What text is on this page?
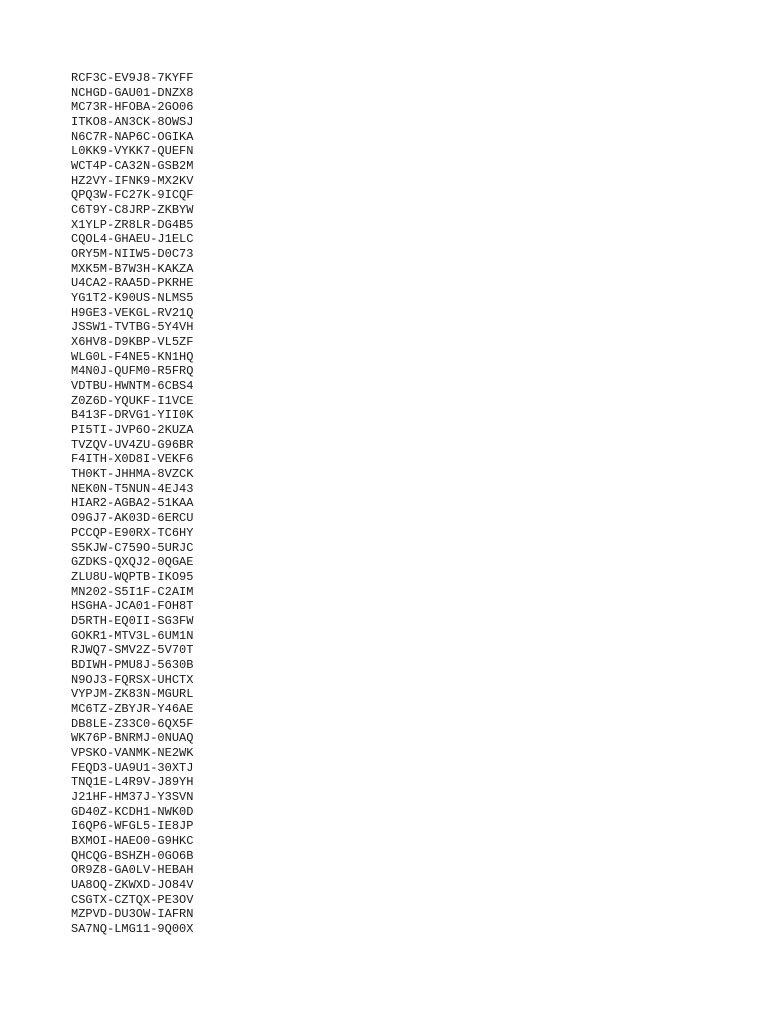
RCF3C-EV9J8-7KYFF
NCHGD-GAU01-DNZX8
MC73R-HFOBA-2GO06
ITKO8-AN3CK-8OWSJ
N6C7R-NAP6C-OGIKA
L0KK9-VYKK7-QUEFN
WCT4P-CA32N-GSB2M
HZ2VY-IFNK9-MX2KV
QPQ3W-FC27K-9ICQF
C6T9Y-C8JRP-ZKBYW
X1YLP-ZR8LR-DG4B5
CQOL4-GHAEU-J1ELC
ORY5M-NIIW5-D0C73
MXK5M-B7W3H-KAKZA
U4CA2-RAA5D-PKRHE
YG1T2-K90US-NLMS5
H9GE3-VEKGL-RV21Q
JSSW1-TVTBG-5Y4VH
X6HV8-D9KBP-VL5ZF
WLG0L-F4NE5-KN1HQ
M4N0J-QUFM0-R5FRQ
VDTBU-HWNTM-6CBS4
Z0Z6D-YQUKF-I1VCE
B413F-DRVG1-YII0K
PI5TI-JVP6O-2KUZA
TVZQV-UV4ZU-G96BR
F4ITH-X0D8I-VEKF6
TH0KT-JHHMA-8VZCK
NEK0N-T5NUN-4EJ43
HIAR2-AGBA2-51KAA
O9GJ7-AK03D-6ERCU
PCCQP-E90RX-TC6HY
S5KJW-C759O-5URJC
GZDKS-QXQJ2-0QGAE
ZLU8U-WQPTB-IKO95
MN202-S5I1F-C2AIM
HSGHA-JCA01-FOH8T
D5RTH-EQ0II-SG3FW
GOKR1-MTV3L-6UM1N
RJWQ7-SMV2Z-5V70T
BDIWH-PMU8J-5630B
N9OJ3-FQRSX-UHCTX
VYPJM-ZK83N-MGURL
MC6TZ-ZBYJR-Y46AE
DB8LE-Z33C0-6QX5F
WK76P-BNRMJ-0NUAQ
VPSKO-VANMK-NE2WK
FEQD3-UA9U1-30XTJ
TNQ1E-L4R9V-J89YH
J21HF-HM37J-Y3SVN
GD40Z-KCDH1-NWK0D
I6QP6-WFGL5-IE8JP
BXMOI-HAEO0-G9HKC
QHCQG-BSHZH-0GO6B
OR9Z8-GA0LV-HEBAH
UA8OQ-ZKWXD-JO84V
CSGTX-CZTQX-PE3OV
MZPVD-DU3OW-IAFRN
SA7NQ-LMG11-9Q00X
